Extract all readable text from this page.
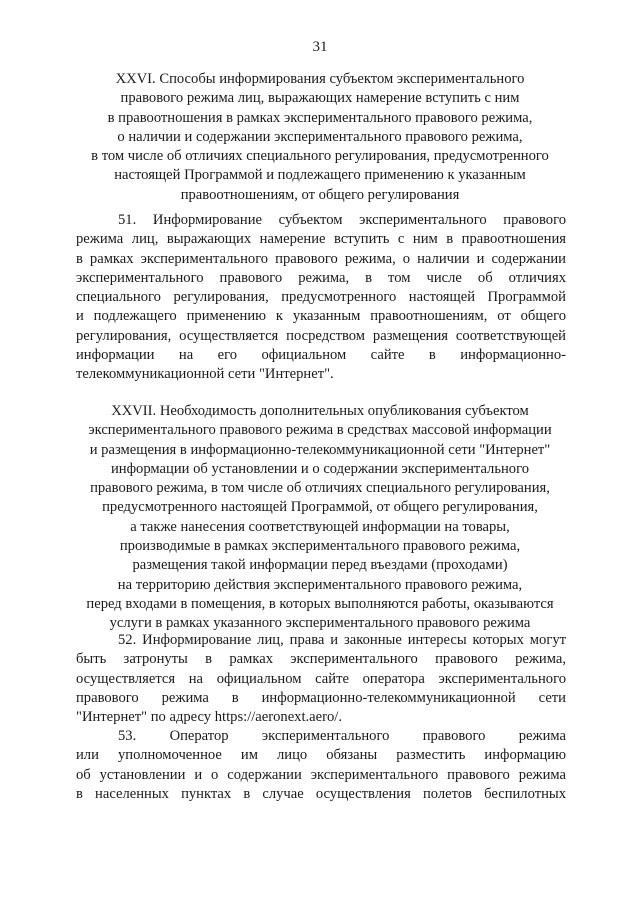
31
XXVI. Способы информирования субъектом экспериментального
правового режима лиц, выражающих намерение вступить с ним
в правоотношения в рамках экспериментального правового режима,
о наличии и содержании экспериментального правового режима,
в том числе об отличиях специального регулирования, предусмотренного
настоящей Программой и подлежащего применению к указанным
правоотношениям, от общего регулирования
51. Информирование субъектом экспериментального правового
режима лиц, выражающих намерение вступить с ним в правоотношения
в рамках экспериментального правового режима, о наличии и содержании
экспериментального правового режима, в том числе об отличиях
специального регулирования, предусмотренного настоящей Программой
и подлежащего применению к указанным правоотношениям, от общего
регулирования, осуществляется посредством размещения соответствующей
информации на его официальном сайте в информационно-
телекоммуникационной сети "Интернет".
XXVII. Необходимость дополнительных опубликования субъектом
экспериментального правового режима в средствах массовой информации
и размещения в информационно-телекоммуникационной сети "Интернет"
информации об установлении и о содержании экспериментального
правового режима, в том числе об отличиях специального регулирования,
предусмотренного настоящей Программой, от общего регулирования,
а также нанесения соответствующей информации на товары,
производимые в рамках экспериментального правового режима,
размещения такой информации перед въездами (проходами)
на территорию действия экспериментального правового режима,
перед входами в помещения, в которых выполняются работы, оказываются
услуги в рамках указанного экспериментального правового режима
52. Информирование лиц, права и законные интересы которых могут
быть затронуты в рамках экспериментального правового режима,
осуществляется на официальном сайте оператора экспериментального
правового режима в информационно-телекоммуникационной сети
"Интернет" по адресу https://aeronext.aero/.
53. Оператор экспериментального правового режима
или уполномоченное им лицо обязаны разместить информацию
об установлении и о содержании экспериментального правового режима
в населенных пунктах в случае осуществления полетов беспилотных
